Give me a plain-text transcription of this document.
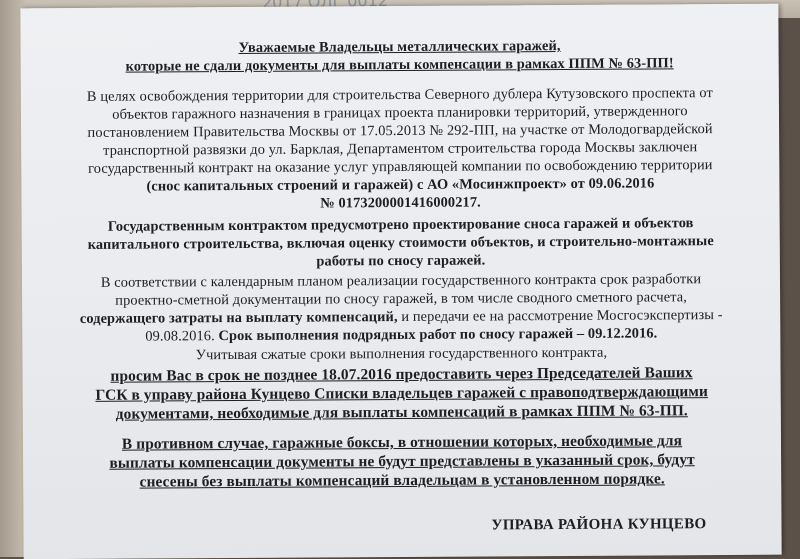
Уважаемые Владельцы металлических гаражей,
которые не сдали документы для выплаты компенсации в рамках ППМ № 63-ПП!
В целях освобождения территории для строительства Северного дублера Кутузовского проспекта от
объектов гаражного назначения в границах проекта планировки территорий, утвержденного
постановлением Правительства Москвы от 17.05.2013 № 292-ПП, на участке от Молодогвардейской
транспортной развязки до ул. Барклая, Департаментом строительства города Москвы заключен
государственный контракт на оказание услуг управляющей компании по освобождению территории
(снос капитальных строений и гаражей) с АО «Мосинжпроект» от 09.06.2016
№ 0173200001416000217.
Государственным контрактом предусмотрено проектирование сноса гаражей и объектов
капитального строительства, включая оценку стоимости объектов, и строительно-монтажные
работы по сносу гаражей.
В соответствии с календарным планом реализации государственного контракта срок разработки
проектно-сметной документации по сносу гаражей, в том числе сводного сметного расчета,
содержащего затраты на выплату компенсаций, и передачи ее на рассмотрение Мосгосэкспертизы -
09.08.2016. Срок выполнения подрядных работ по сносу гаражей – 09.12.2016.
Учитывая сжатые сроки выполнения государственного контракта,
просим Вас в срок не позднее 18.07.2016 предоставить через Председателей Ваших
ГСК в управу района Кунцево Списки владельцев гаражей с правоподтверждающими
документами, необходимые для выплаты компенсаций в рамках ППМ № 63-ПП.
В противном случае, гаражные боксы, в отношении которых, необходимые для
выплаты компенсации документы не будут представлены в указанный срок, будут
снесены без выплаты компенсаций владельцам в установленном порядке.
УПРАВА РАЙОНА КУНЦЕВО
